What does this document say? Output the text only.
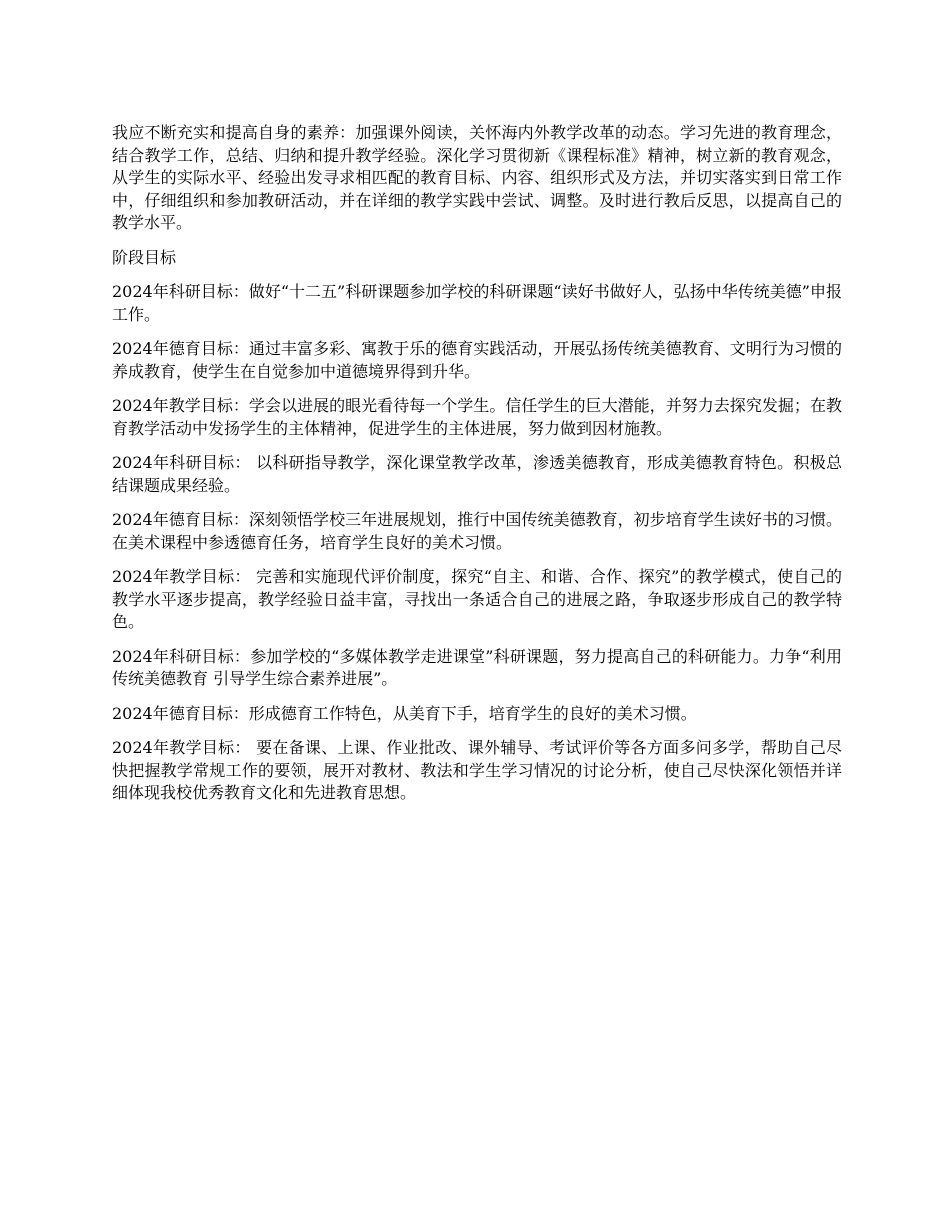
我应不断充实和提高自身的素养：加强课外阅读，关怀海内外教学改革的动态。学习先进的教育理念，结合教学工作，总结、归纳和提升教学经验。深化学习贯彻新《课程标准》精神，树立新的教育观念，从学生的实际水平、经验出发寻求相匹配的教育目标、内容、组织形式及方法，并切实落实到日常工作中，仔细组织和参加教研活动，并在详细的教学实践中尝试、调整。及时进行教后反思，以提高自己的教学水平。

阶段目标

2024年科研目标：做好“十二五”科研课题参加学校的科研课题“读好书做好人，弘扬中华传统美德”申报工作。

2024年德育目标：通过丰富多彩、寓教于乐的德育实践活动，开展弘扬传统美德教育、文明行为习惯的养成教育，使学生在自觉参加中道德境界得到升华。

2024年教学目标：学会以进展的眼光看待每一个学生。信任学生的巨大潜能，并努力去探究发掘；在教育教学活动中发扬学生的主体精神，促进学生的主体进展，努力做到因材施教。

2024年科研目标： 以科研指导教学，深化课堂教学改革，渗透美德教育，形成美德教育特色。积极总结课题成果经验。

2024年德育目标：深刻领悟学校三年进展规划，推行中国传统美德教育，初步培育学生读好书的习惯。在美术课程中参透德育任务，培育学生良好的美术习惯。

2024年教学目标： 完善和实施现代评价制度，探究“自主、和谐、合作、探究”的教学模式，使自己的教学水平逐步提高，教学经验日益丰富，寻找出一条适合自己的进展之路，争取逐步形成自己的教学特色。

2024年科研目标：参加学校的“多媒体教学走进课堂”科研课题，努力提高自己的科研能力。力争“利用传统美德教育 引导学生综合素养进展”。

2024年德育目标：形成德育工作特色，从美育下手，培育学生的良好的美术习惯。

2024年教学目标： 要在备课、上课、作业批改、课外辅导、考试评价等各方面多问多学，帮助自己尽快把握教学常规工作的要领，展开对教材、教法和学生学习情况的讨论分析，使自己尽快深化领悟并详细体现我校优秀教育文化和先进教育思想。
